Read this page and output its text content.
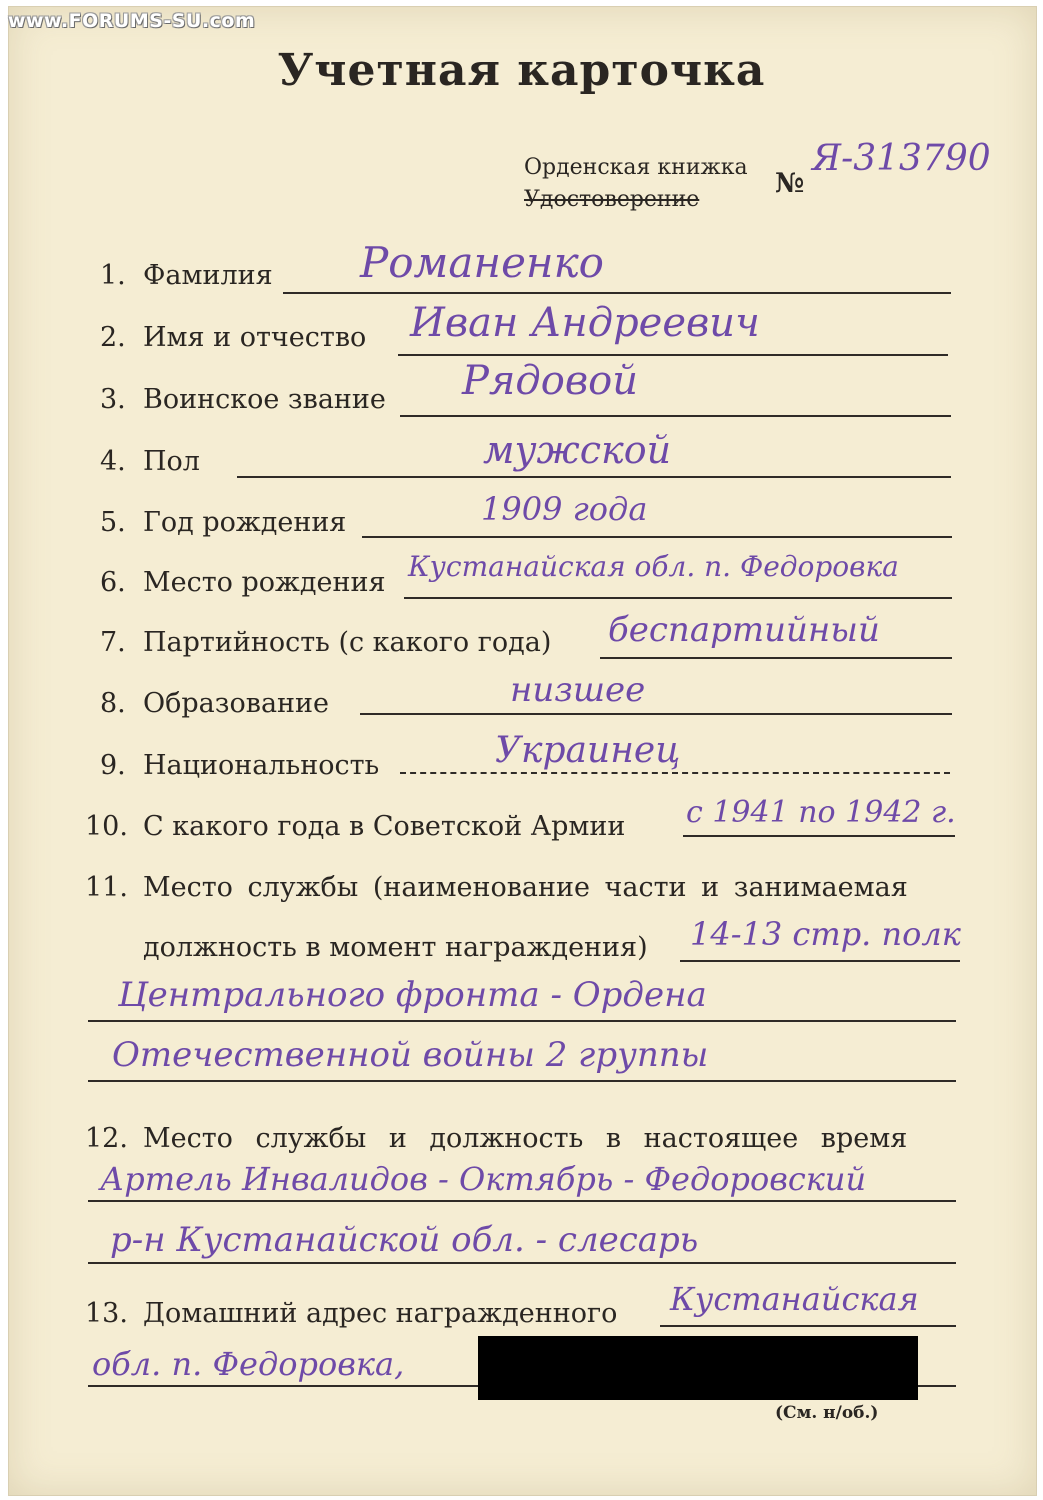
www.FORUMS-SU.com
Учетная карточка
Орденская книжка
Удостоверение
№
Я-313790
1. Фамилия Романенко
2. Имя и отчество Иван Андреевич
3. Воинское звание Рядовой
4. Пол	мужской
5. Год рождения	1909 года
6. Место рождения Кустанайская обл. п. Федоровка
7. Партийность (с какого года) беспартийный
8. Образование	низшее
9. Национальность	Украинец
10. С какого года в Советской Армии с 1941 по 1942 г.
11. Место службы (наименование части и занимаемая
должность в момент награждения) 14-13 стр. полк
Центрального фронта - Ордена
Отечественной войны 2 группы
12. Место службы и должность в настоящее время
Артель Инвалидов - Октябрь - Федоровский
р-н Кустанайской обл. - слесарь
13. Домашний адрес награжденного Кустанайская
обл. п. Федоровка,
(См. н/об.)
